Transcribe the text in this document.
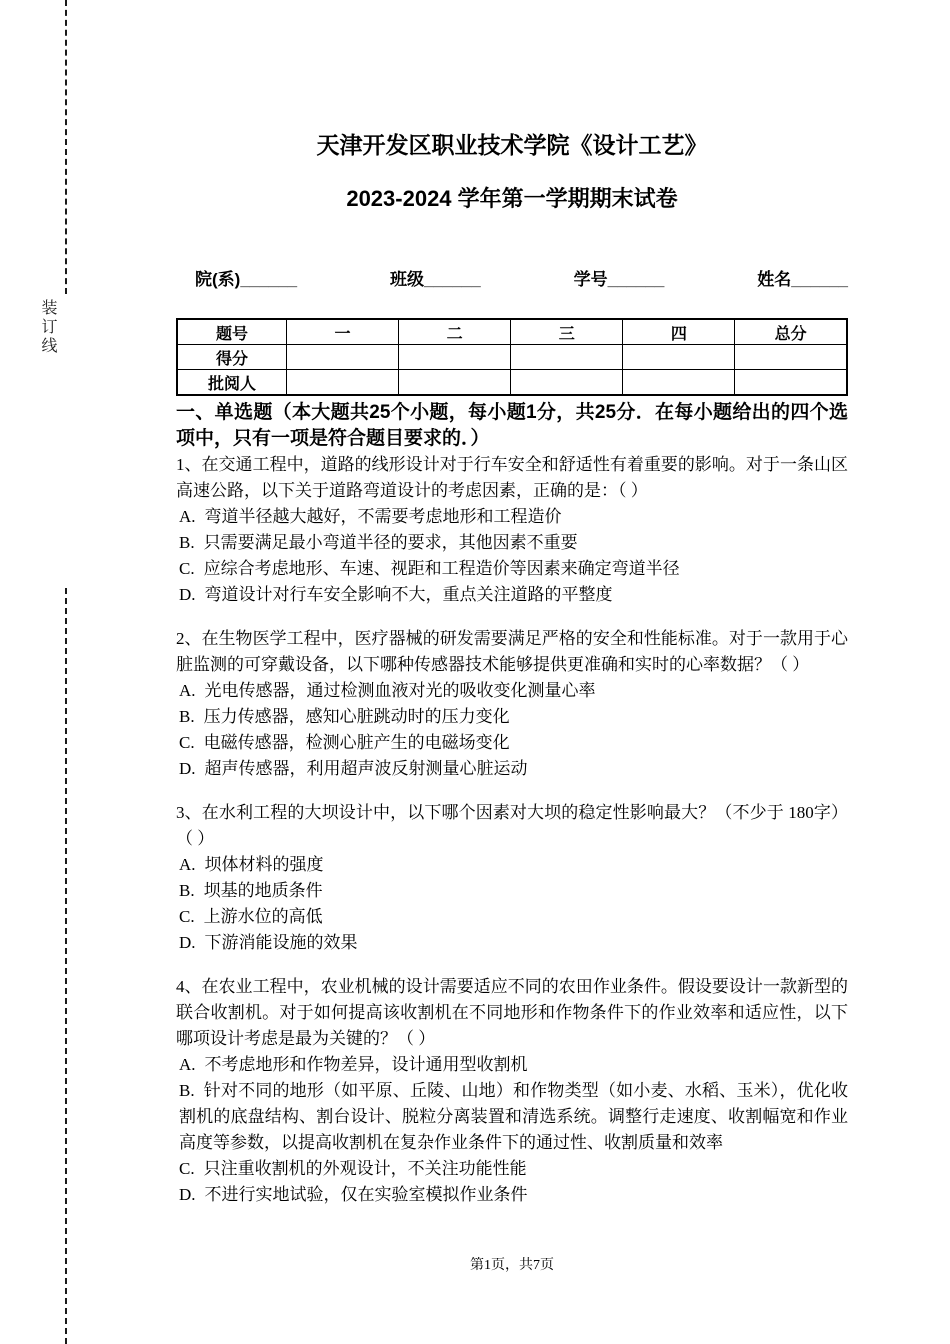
装订线
天津开发区职业技术学院《设计工艺》
2023-2024 学年第一学期期末试卷
院(系)______	班级______	学号______	姓名______
题号	一	二	三	四	总分
得分					
批阅人					
一、单选题（本大题共25个小题，每小题1分，共25分．在每小题给出的四个选项中，只有一项是符合题目要求的．）
1、在交通工程中，道路的线形设计对于行车安全和舒适性有着重要的影响。对于一条山区高速公路，以下关于道路弯道设计的考虑因素，正确的是：（ ）
A. 弯道半径越大越好，不需要考虑地形和工程造价
B. 只需要满足最小弯道半径的要求，其他因素不重要
C. 应综合考虑地形、车速、视距和工程造价等因素来确定弯道半径
D. 弯道设计对行车安全影响不大，重点关注道路的平整度
2、在生物医学工程中，医疗器械的研发需要满足严格的安全和性能标准。对于一款用于心脏监测的可穿戴设备，以下哪种传感器技术能够提供更准确和实时的心率数据？（ ）
A. 光电传感器，通过检测血液对光的吸收变化测量心率
B. 压力传感器，感知心脏跳动时的压力变化
C. 电磁传感器，检测心脏产生的电磁场变化
D. 超声传感器，利用超声波反射测量心脏运动
3、在水利工程的大坝设计中，以下哪个因素对大坝的稳定性影响最大？（不少于 180字）（ ）
A. 坝体材料的强度
B. 坝基的地质条件
C. 上游水位的高低
D. 下游消能设施的效果
4、在农业工程中，农业机械的设计需要适应不同的农田作业条件。假设要设计一款新型的联合收割机。对于如何提高该收割机在不同地形和作物条件下的作业效率和适应性，以下哪项设计考虑是最为关键的？（ ）
A. 不考虑地形和作物差异，设计通用型收割机
B. 针对不同的地形（如平原、丘陵、山地）和作物类型（如小麦、水稻、玉米），优化收割机的底盘结构、割台设计、脱粒分离装置和清选系统。调整行走速度、收割幅宽和作业高度等参数，以提高收割机在复杂作业条件下的通过性、收割质量和效率
C. 只注重收割机的外观设计，不关注功能性能
D. 不进行实地试验，仅在实验室模拟作业条件
第1页，共7页
